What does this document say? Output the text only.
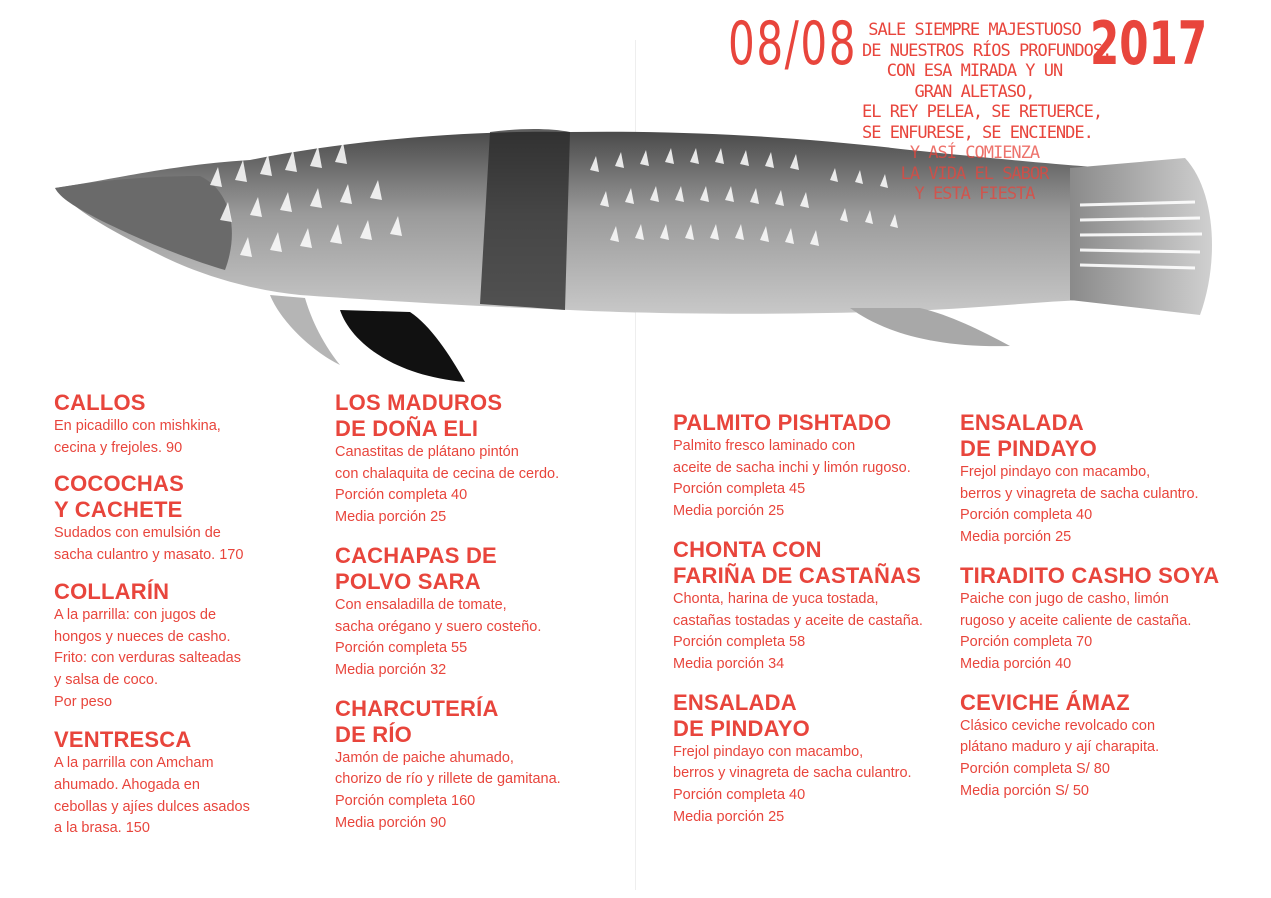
08/08	2017
SALE SIEMPRE MAJESTUOSO
DE NUESTROS RÍOS PROFUNDOS.
CON ESA MIRADA Y UN
GRAN ALETASO,
EL REY PELEA, SE RETUERCE,
SE ENFURESE, SE ENCIENDE.
Y ASÍ COMIENZA
LA VIDA EL SABOR
Y ESTA FIESTA
CALLOS
En picadillo con mishkina,
cecina y frejoles. 90
COCOCHAS
Y CACHETE
Sudados con emulsión de
sacha culantro y masato. 170
COLLARÍN
A la parrilla: con jugos de
hongos y nueces de casho.
Frito: con verduras salteadas
y salsa de coco.
Por peso
VENTRESCA
A la parrilla con Amcham
ahumado. Ahogada en
cebollas y ajíes dulces asados
a la brasa. 150
LOS MADUROS
DE DOÑA ELI
Canastitas de plátano pintón
con chalaquita de cecina de cerdo.
Porción completa 40
Media porción 25
CACHAPAS DE
POLVO SARA
Con ensaladilla de tomate,
sacha orégano y suero costeño.
Porción completa 55
Media porción 32
CHARCUTERÍA
DE RÍO
Jamón de paiche ahumado,
chorizo de río y rillete de gamitana.
Porción completa 160
Media porción 90
PALMITO PISHTADO
Palmito fresco laminado con
aceite de sacha inchi y limón rugoso.
Porción completa 45
Media porción 25
CHONTA CON
FARIÑA DE CASTAÑAS
Chonta, harina de yuca tostada,
castañas tostadas y aceite de castaña.
Porción completa 58
Media porción 34
ENSALADA
DE PINDAYO
Frejol pindayo con macambo,
berros y vinagreta de sacha culantro.
Porción completa 40
Media porción 25
ENSALADA
DE PINDAYO
Frejol pindayo con macambo,
berros y vinagreta de sacha culantro.
Porción completa 40
Media porción 25
TIRADITO CASHO SOYA
Paiche con jugo de casho, limón
rugoso y aceite caliente de castaña.
Porción completa 70
Media porción 40
CEVICHE ÁMAZ
Clásico ceviche revolcado con
plátano maduro y ají charapita.
Porción completa S/ 80
Media porción S/ 50
